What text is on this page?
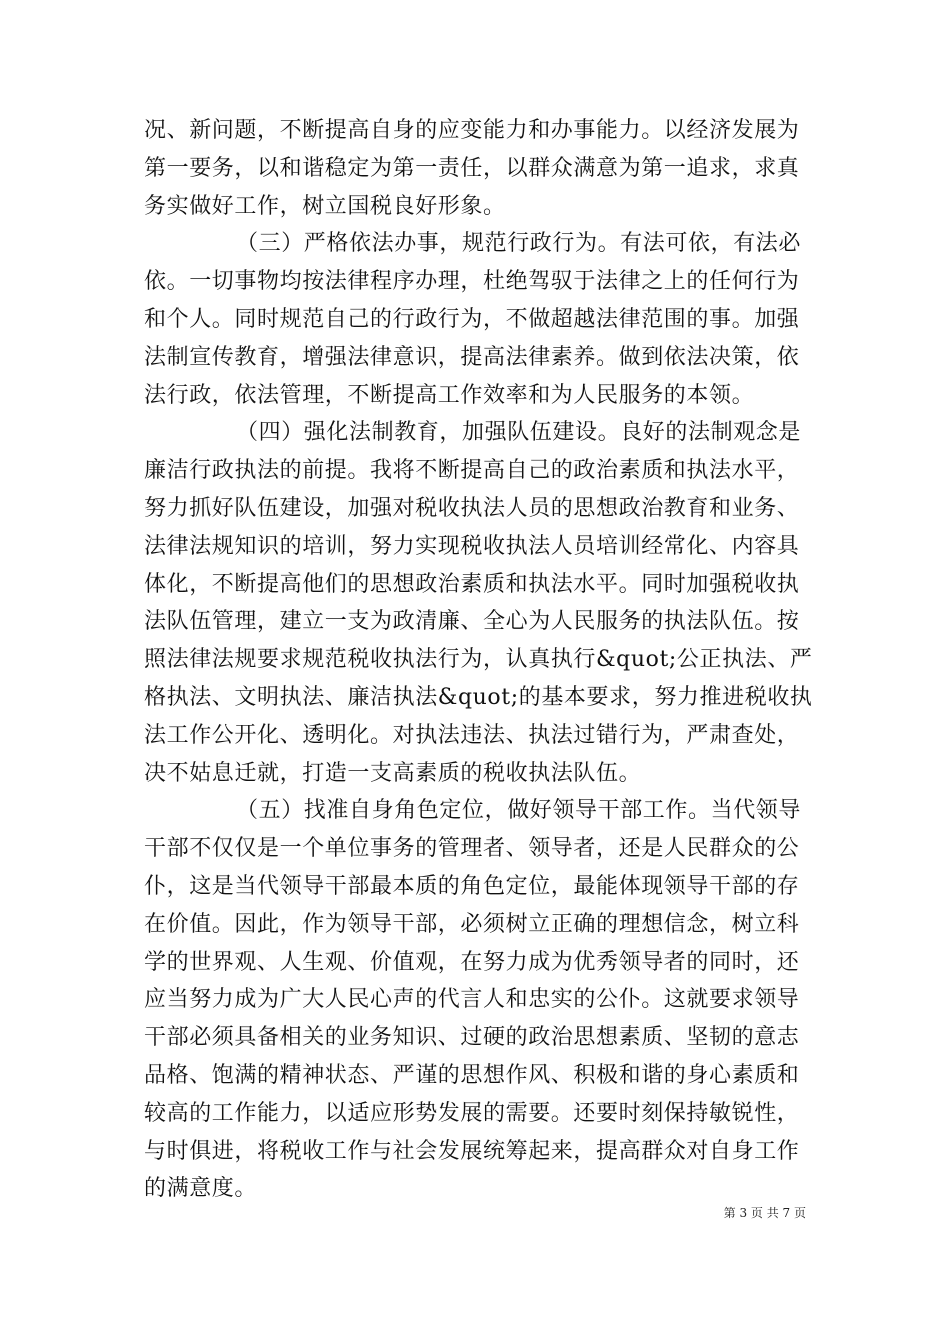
况、新问题，不断提高自身的应变能力和办事能力。以经济发展为
第一要务，以和谐稳定为第一责任，以群众满意为第一追求，求真
务实做好工作，树立国税良好形象。
（三）严格依法办事，规范行政行为。有法可依，有法必
依。一切事物均按法律程序办理，杜绝驾驭于法律之上的任何行为
和个人。同时规范自己的行政行为，不做超越法律范围的事。加强
法制宣传教育，增强法律意识，提高法律素养。做到依法决策，依
法行政，依法管理，不断提高工作效率和为人民服务的本领。
（四）强化法制教育，加强队伍建设。良好的法制观念是
廉洁行政执法的前提。我将不断提高自己的政治素质和执法水平，
努力抓好队伍建设，加强对税收执法人员的思想政治教育和业务、
法律法规知识的培训，努力实现税收执法人员培训经常化、内容具
体化，不断提高他们的思想政治素质和执法水平。同时加强税收执
法队伍管理，建立一支为政清廉、全心为人民服务的执法队伍。按
照法律法规要求规范税收执法行为，认真执行&quot;公正执法、严
格执法、文明执法、廉洁执法&quot;的基本要求，努力推进税收执
法工作公开化、透明化。对执法违法、执法过错行为，严肃查处，
决不姑息迁就，打造一支高素质的税收执法队伍。
（五）找准自身角色定位，做好领导干部工作。当代领导
干部不仅仅是一个单位事务的管理者、领导者，还是人民群众的公
仆，这是当代领导干部最本质的角色定位，最能体现领导干部的存
在价值。因此，作为领导干部，必须树立正确的理想信念，树立科
学的世界观、人生观、价值观，在努力成为优秀领导者的同时，还
应当努力成为广大人民心声的代言人和忠实的公仆。这就要求领导
干部必须具备相关的业务知识、过硬的政治思想素质、坚韧的意志
品格、饱满的精神状态、严谨的思想作风、积极和谐的身心素质和
较高的工作能力，以适应形势发展的需要。还要时刻保持敏锐性，
与时俱进，将税收工作与社会发展统筹起来，提高群众对自身工作
的满意度。
第 3 页 共 7 页
